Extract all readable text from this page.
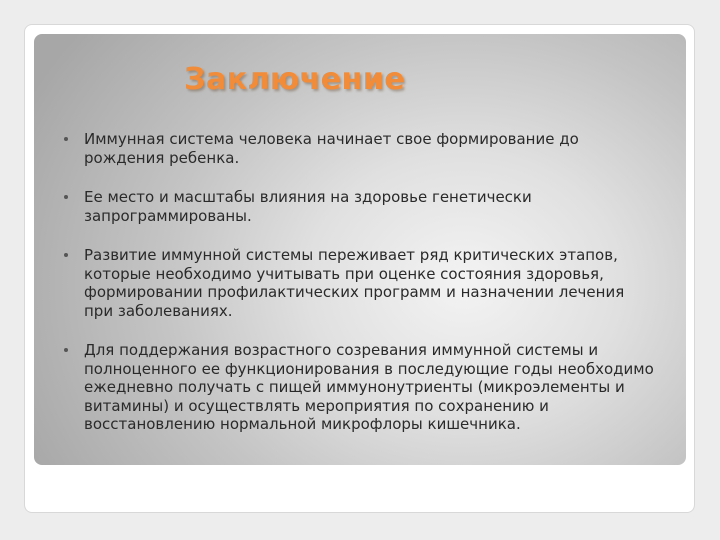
Заключение
Иммунная система человека начинает свое формирование до рождения ребенка.
Ее место и масштабы влияния на здоровье генетически запрограммированы.
Развитие иммунной системы переживает ряд критических этапов, которые необходимо учитывать при оценке состояния здоровья, формировании профилактических программ и назначении лечения при заболеваниях.
Для поддержания возрастного созревания иммунной системы и полноценного ее функционирования в последующие годы необходимо ежедневно получать с пищей иммунонутриенты (микроэлементы и витамины) и осуществлять мероприятия по сохранению и восстановлению нормальной микрофлоры кишечника.
